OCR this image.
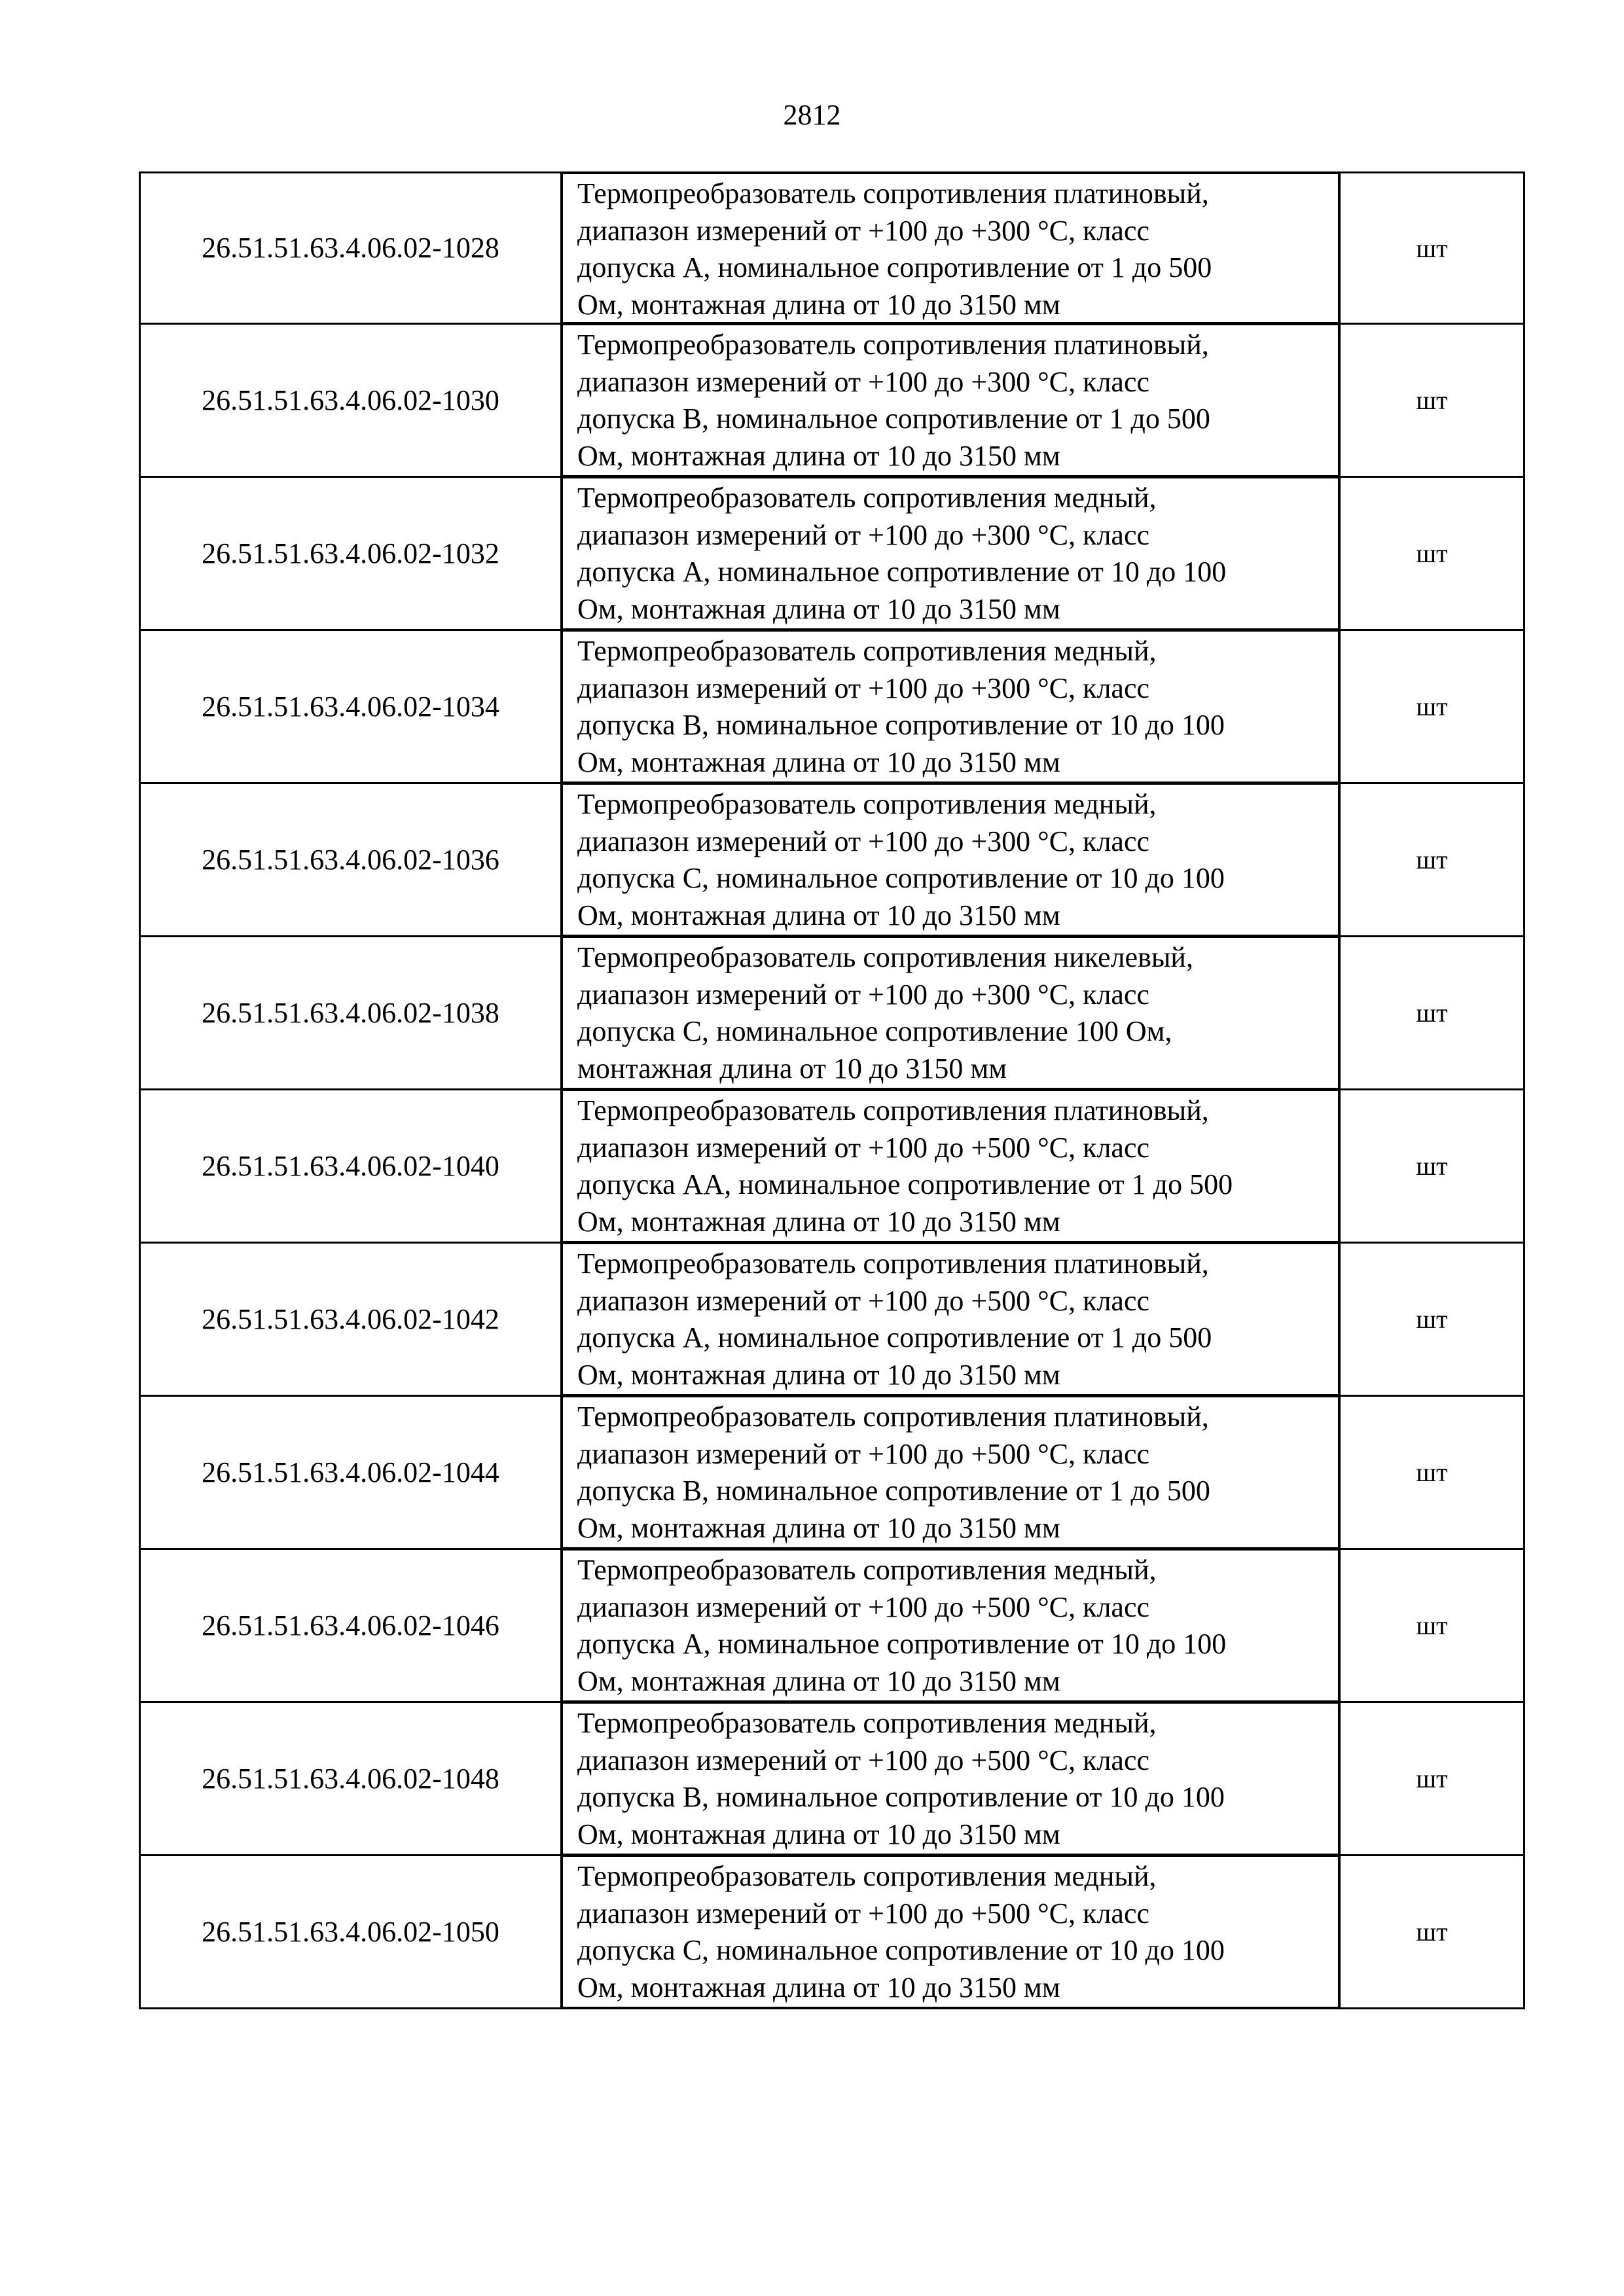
2812
26.51.51.63.4.06.02-1028
Термопреобразователь сопротивления платиновый,
диапазон измерений от +100 до +300 °С, класс
допуска А, номинальное сопротивление от 1 до 500
Ом, монтажная длина от 10 до 3150 мм
шт
26.51.51.63.4.06.02-1030
Термопреобразователь сопротивления платиновый,
диапазон измерений от +100 до +300 °С, класс
допуска В, номинальное сопротивление от 1 до 500
Ом, монтажная длина от 10 до 3150 мм
шт
26.51.51.63.4.06.02-1032
Термопреобразователь сопротивления медный,
диапазон измерений от +100 до +300 °С, класс
допуска А, номинальное сопротивление от 10 до 100
Ом, монтажная длина от 10 до 3150 мм
шт
26.51.51.63.4.06.02-1034
Термопреобразователь сопротивления медный,
диапазон измерений от +100 до +300 °С, класс
допуска В, номинальное сопротивление от 10 до 100
Ом, монтажная длина от 10 до 3150 мм
шт
26.51.51.63.4.06.02-1036
Термопреобразователь сопротивления медный,
диапазон измерений от +100 до +300 °С, класс
допуска С, номинальное сопротивление от 10 до 100
Ом, монтажная длина от 10 до 3150 мм
шт
26.51.51.63.4.06.02-1038
Термопреобразователь сопротивления никелевый,
диапазон измерений от +100 до +300 °С, класс
допуска С, номинальное сопротивление 100 Ом,
монтажная длина от 10 до 3150 мм
шт
26.51.51.63.4.06.02-1040
Термопреобразователь сопротивления платиновый,
диапазон измерений от +100 до +500 °С, класс
допуска АА, номинальное сопротивление от 1 до 500
Ом, монтажная длина от 10 до 3150 мм
шт
26.51.51.63.4.06.02-1042
Термопреобразователь сопротивления платиновый,
диапазон измерений от +100 до +500 °С, класс
допуска А, номинальное сопротивление от 1 до 500
Ом, монтажная длина от 10 до 3150 мм
шт
26.51.51.63.4.06.02-1044
Термопреобразователь сопротивления платиновый,
диапазон измерений от +100 до +500 °С, класс
допуска В, номинальное сопротивление от 1 до 500
Ом, монтажная длина от 10 до 3150 мм
шт
26.51.51.63.4.06.02-1046
Термопреобразователь сопротивления медный,
диапазон измерений от +100 до +500 °С, класс
допуска А, номинальное сопротивление от 10 до 100
Ом, монтажная длина от 10 до 3150 мм
шт
26.51.51.63.4.06.02-1048
Термопреобразователь сопротивления медный,
диапазон измерений от +100 до +500 °С, класс
допуска В, номинальное сопротивление от 10 до 100
Ом, монтажная длина от 10 до 3150 мм
шт
26.51.51.63.4.06.02-1050
Термопреобразователь сопротивления медный,
диапазон измерений от +100 до +500 °С, класс
допуска С, номинальное сопротивление от 10 до 100
Ом, монтажная длина от 10 до 3150 мм
шт
